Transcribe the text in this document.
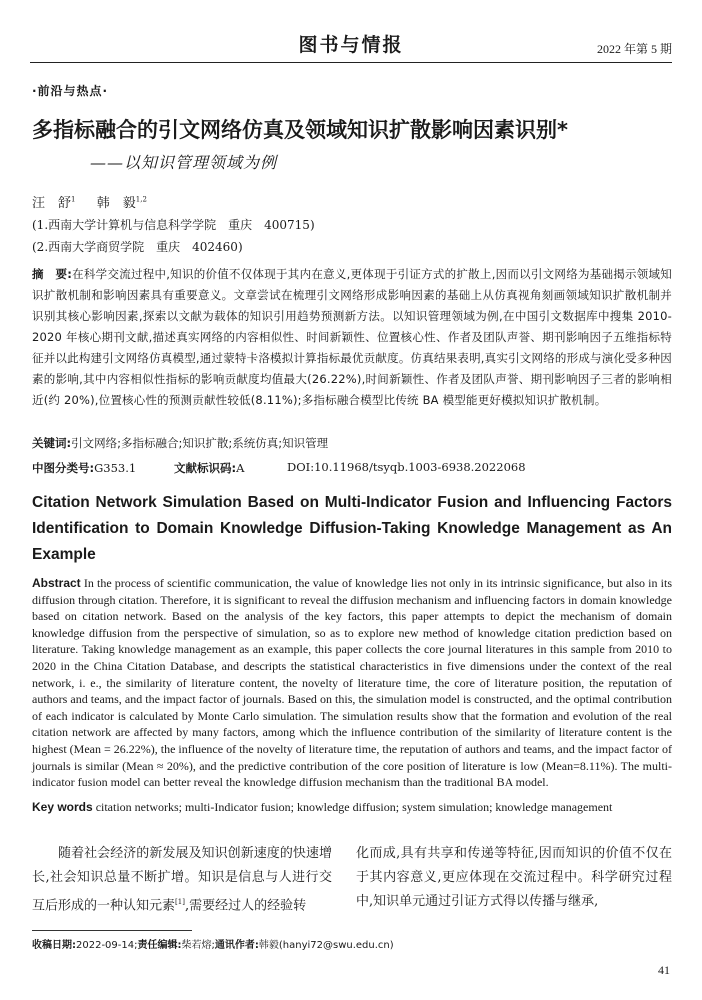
图书与情报	2022 年第 5 期
·前沿与热点·
多指标融合的引文网络仿真及领域知识扩散影响因素识别*
——以知识管理领域为例
汪　舒$^1$ 　 韩　毅$^{1,2}$
(1.西南大学计算机与信息科学学院　重庆　400715)
(2.西南大学商贸学院　重庆　402460)
摘　要:在科学交流过程中,知识的价值不仅体现于其内在意义,更体现于引证方式的扩散上,因而以引文网络为基础揭示领域知识扩散机制和影响因素具有重要意义。文章尝试在梳理引文网络形成影响因素的基础上从仿真视角刻画领域知识扩散机制并识别其核心影响因素,探索以文献为载体的知识引用趋势预测新方法。以知识管理领域为例,在中国引文数据库中搜集 2010-2020 年核心期刊文献,描述真实网络的内容相似性、时间新颖性、位置核心性、作者及团队声誉、期刊影响因子五维指标特征并以此构建引文网络仿真模型,通过蒙特卡洛模拟计算指标最优贡献度。仿真结果表明,真实引文网络的形成与演化受多种因素的影响,其中内容相似性指标的影响贡献度均值最大(26.22%),时间新颖性、作者及团队声誉、期刊影响因子三者的影响相近(约 20%),位置核心性的预测贡献性较低(8.11%);多指标融合模型比传统 BA 模型能更好模拟知识扩散机制。
关键词:引文网络;多指标融合;知识扩散;系统仿真;知识管理
中图分类号:G353.1	文献标识码:A	DOI:10.11968/tsyqb.1003-6938.2022068
Citation Network Simulation Based on Multi-Indicator Fusion and Influencing Factors Identification to Domain Knowledge Diffusion-Taking Knowledge Management as An Example
Abstract In the process of scientific communication, the value of knowledge lies not only in its intrinsic significance, but also in its diffusion through citation. Therefore, it is significant to reveal the diffusion mechanism and influencing factors in domain knowledge based on citation network. Based on the analysis of the key factors, this paper attempts to depict the mechanism of domain knowledge diffusion from the perspective of simulation, so as to explore new method of knowledge citation prediction based on literature. Taking knowledge management as an example, this paper collects the core journal literatures in this sample from 2010 to 2020 in the China Citation Database, and descripts the statistical characteristics in five dimensions under the context of the real network, i. e., the similarity of literature content, the novelty of literature time, the core of literature position, the reputation of authors and teams, and the impact factor of journals. Based on this, the simulation model is constructed, and the optimal contribution of each indicator is calculated by Monte Carlo simulation. The simulation results show that the formation and evolution of the real citation network are affected by many factors, among which the influence contribution of the similarity of literature content is the highest (Mean = 26.22%), the influence of the novelty of literature time, the reputation of authors and teams, and the impact factor of journals is similar (Mean ≈ 20%), and the predictive contribution of the core position of literature is low (Mean=8.11%). The multi-indicator fusion model can better reveal the knowledge diffusion mechanism than the traditional BA model.
Key words citation networks; multi-Indicator fusion; knowledge diffusion; system simulation; knowledge management
随着社会经济的新发展及知识创新速度的快速增长,社会知识总量不断扩增。知识是信息与人进行交互后形成的一种认知元素[1],需要经过人的经验转
化而成,具有共享和传递等特征,因而知识的价值不仅在于其内容意义,更应体现在交流过程中。科学研究过程中,知识单元通过引证方式得以传播与继承,
收稿日期:2022-09-14;责任编辑:柴若熔;通讯作者:韩毅(hanyi72@swu.edu.cn)
41
